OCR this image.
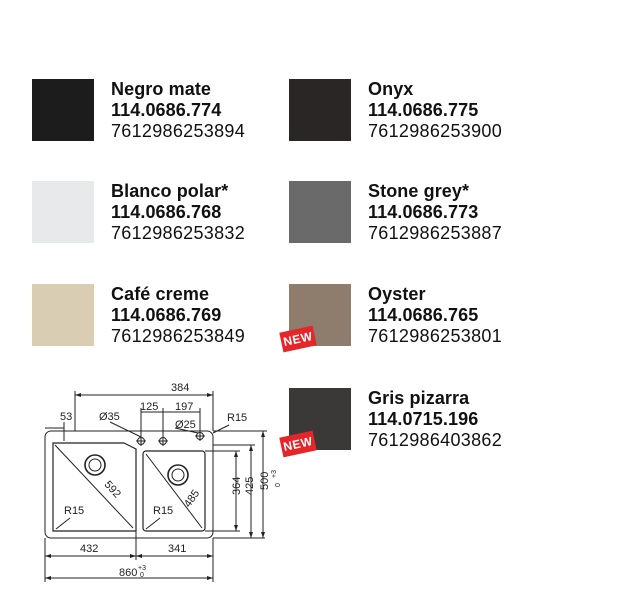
Negro mate
114.0686.774
7612986253894
Onyx
114.0686.775
7612986253900
Blanco polar*
114.0686.768
7612986253832
Stone grey*
114.0686.773
7612986253887
Café creme
114.0686.769
7612986253849
Oyster
114.0686.765
7612986253801
NEW
Gris pizarra
114.0715.196
7612986403862
NEW
384
53 Ø35
125 197
Ø25
R15
592	485
R15	R15
364 425 500 +3
0
432	341
860 +3
0
